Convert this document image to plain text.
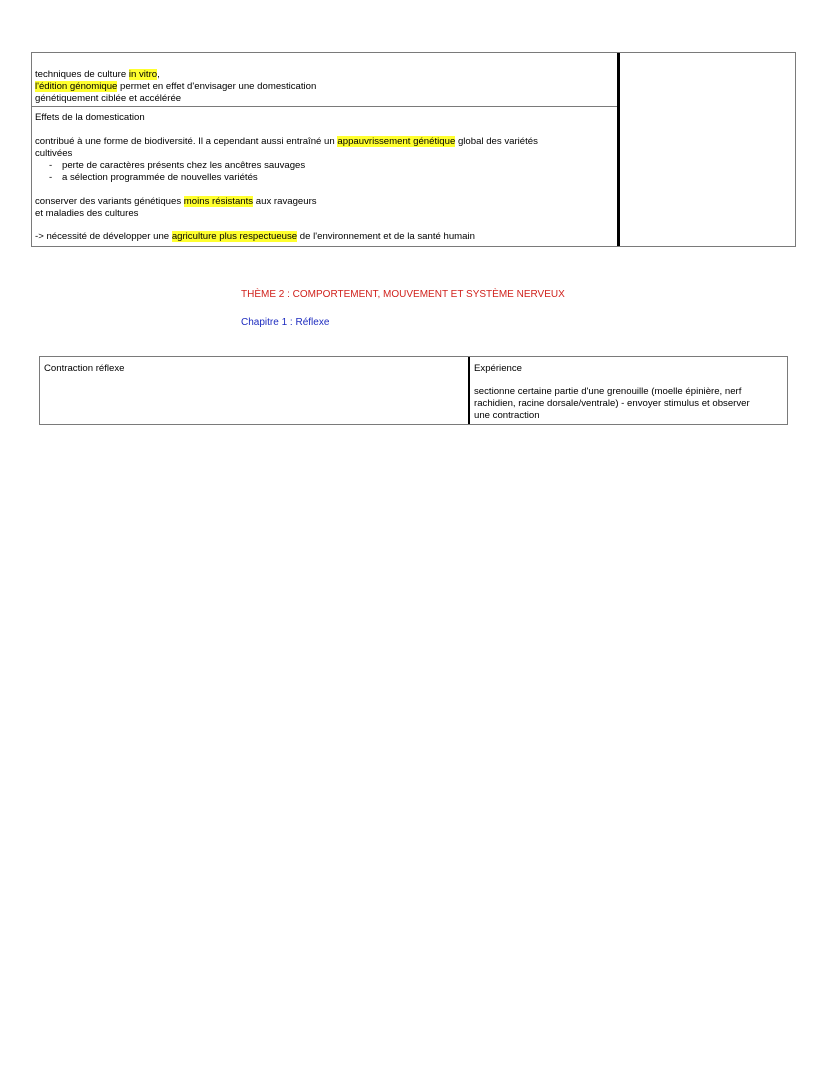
techniques de culture in vitro,
l'édition génomique permet en effet d'envisager une domestication
génétiquement ciblée et accélérée
Effets de la domestication
contribué à une forme de biodiversité. Il a cependant aussi entraîné un appauvrissement génétique global des variétés
cultivées
- perte de caractères présents chez les ancêtres sauvages
- a sélection programmée de nouvelles variétés
conserver des variants génétiques moins résistants aux ravageurs
et maladies des cultures
-> nécessité de développer une agriculture plus respectueuse de l'environnement et de la santé humain
THÈME 2 : COMPORTEMENT, MOUVEMENT ET SYSTÈME NERVEUX
Chapitre 1 : Réflexe
Contraction réflexe	Expérience
sectionne certaine partie d'une grenouille (moelle épinière, nerf
rachidien, racine dorsale/ventrale) - envoyer stimulus et observer
une contraction
